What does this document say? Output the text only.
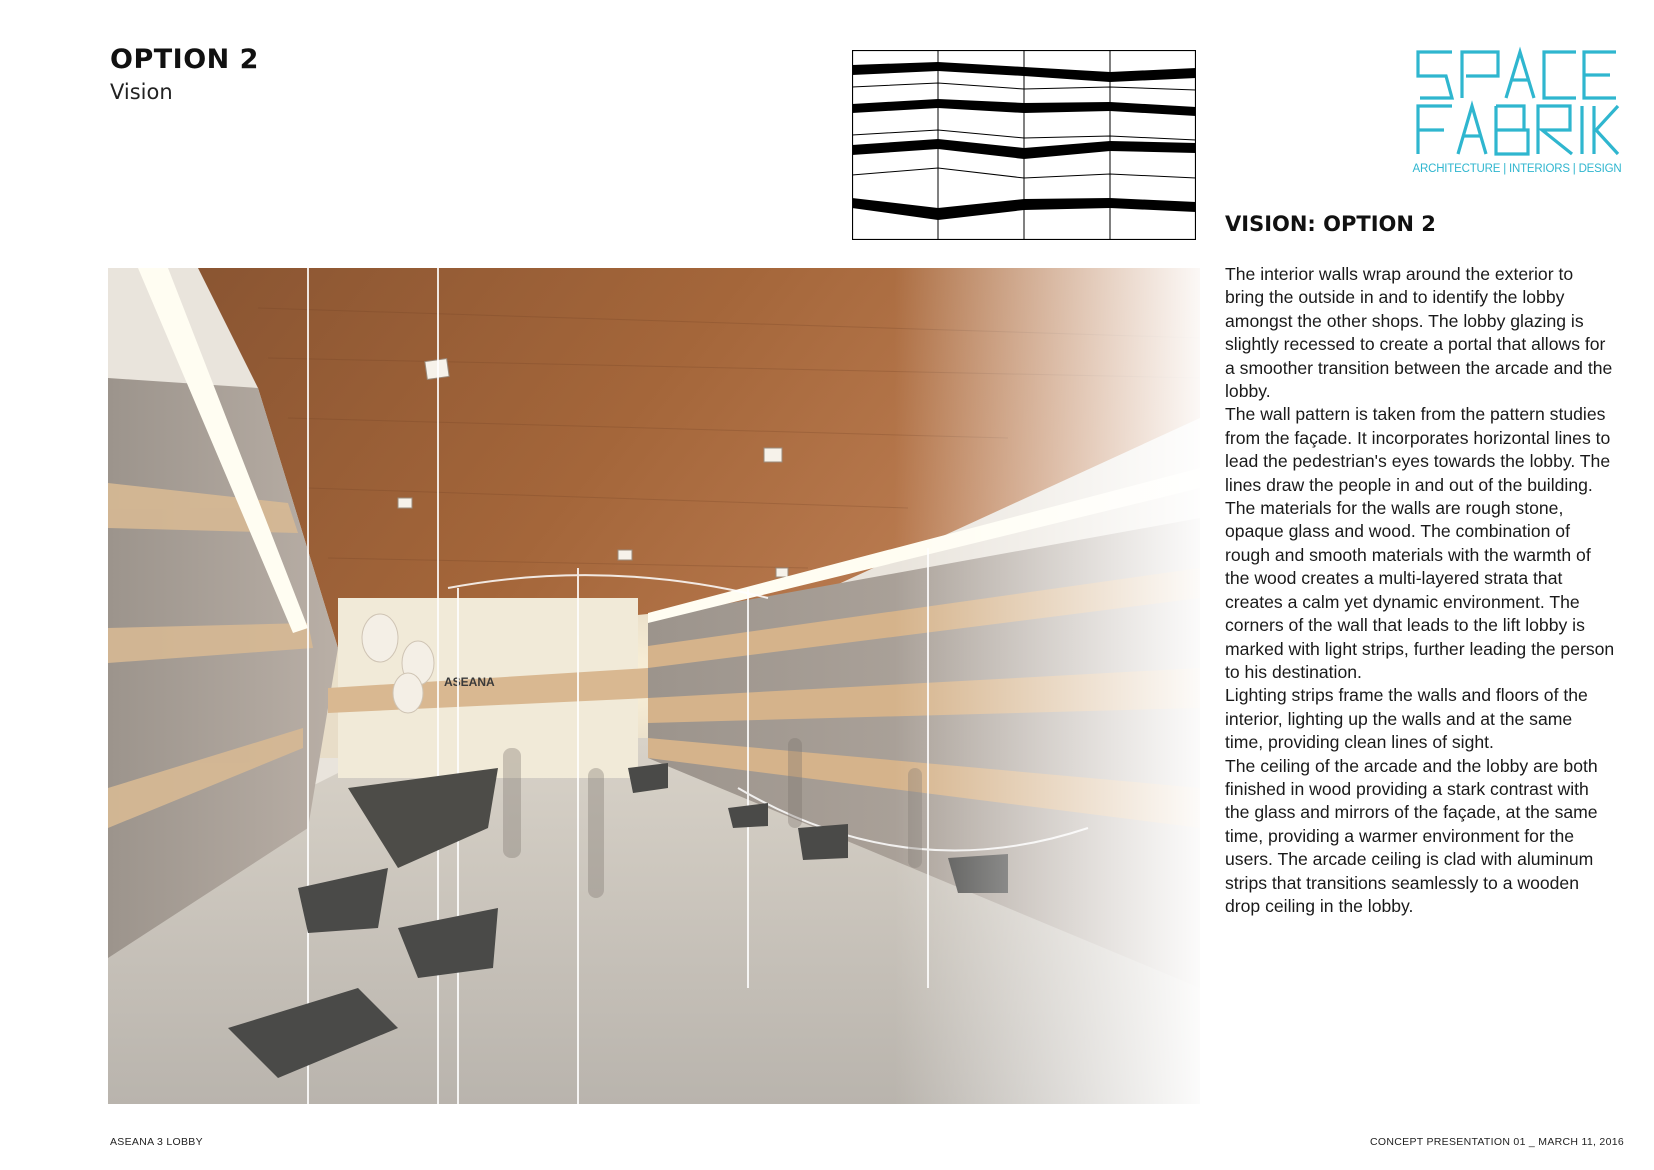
OPTION 2
Vision
ARCHITECTURE | INTERIORS | DESIGN
VISION: OPTION 2

The interior walls wrap around the exterior to bring the outside in and to identify the lobby amongst the other shops. The lobby glazing is slightly recessed to create a portal that allows for a smoother transition between the arcade and the lobby.

The wall pattern is taken from the pattern studies from the façade. It incorporates horizontal lines to lead the pedestrian's eyes towards the lobby. The lines draw the people in and out of the building.

The materials for the walls are rough stone, opaque glass and wood. The combination of rough and smooth materials with the warmth of the wood creates a multi-layered strata that creates a calm yet dynamic environment. The corners of the wall that leads to the lift lobby is marked with light strips, further leading the person to his destination.

Lighting strips frame the walls and floors of the interior, lighting up the walls and at the same time, providing clean lines of sight.

The ceiling of the arcade and the lobby are both finished in wood providing a stark contrast with the glass and mirrors of the façade, at the same time, providing a warmer environment for the users. The arcade ceiling is clad with aluminum strips that transitions seamlessly to a wooden drop ceiling in the lobby.

ASEANA 3 LOBBY	CONCEPT PRESENTATION 01 _ MARCH 11, 2016
